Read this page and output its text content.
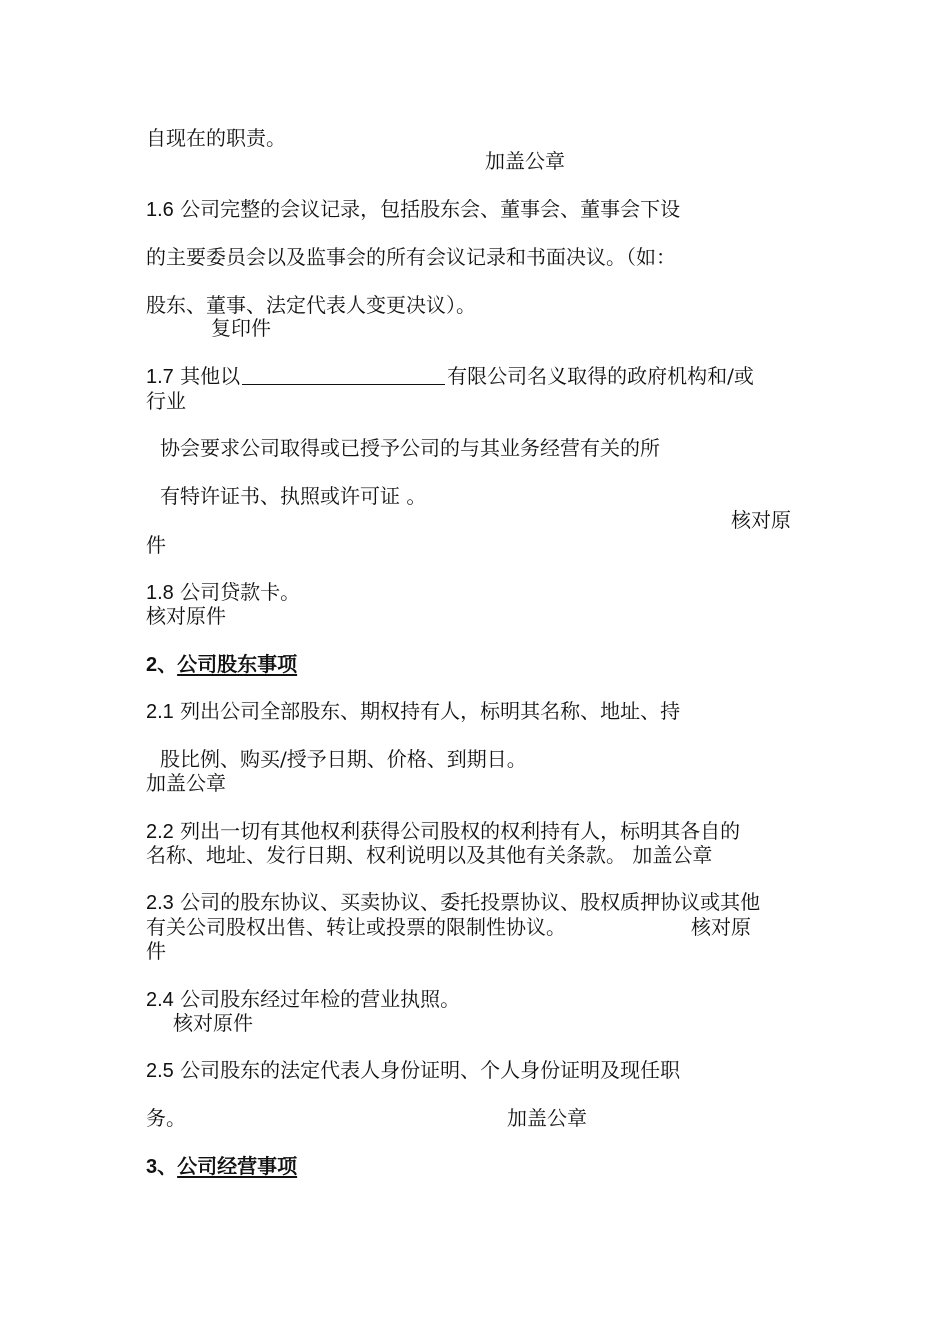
自现在的职责。
加盖公章
1.6 公司完整的会议记录，包括股东会、董事会、董事会下设
的主要委员会以及监事会的所有会议记录和书面决议。（如：
股东、董事、法定代表人变更决议）。
复印件
1.7 其他以	有限公司名义取得的政府机构和/或
行业
协会要求公司取得或已授予公司的与其业务经营有关的所
有特许证书、执照或许可证 。
核对原
件
1.8 公司贷款卡。
核对原件
2、公司股东事项
2.1 列出公司全部股东、期权持有人，标明其名称、地址、持
股比例、购买/授予日期、价格、到期日。
加盖公章
2.2 列出一切有其他权利获得公司股权的权利持有人，标明其各自的
名称、地址、发行日期、权利说明以及其他有关条款。 加盖公章
2.3 公司的股东协议、买卖协议、委托投票协议、股权质押协议或其他
有关公司股权出售、转让或投票的限制性协议。	核对原
件
2.4 公司股东经过年检的营业执照。
核对原件
2.5 公司股东的法定代表人身份证明、个人身份证明及现任职
务。	加盖公章
3、公司经营事项
